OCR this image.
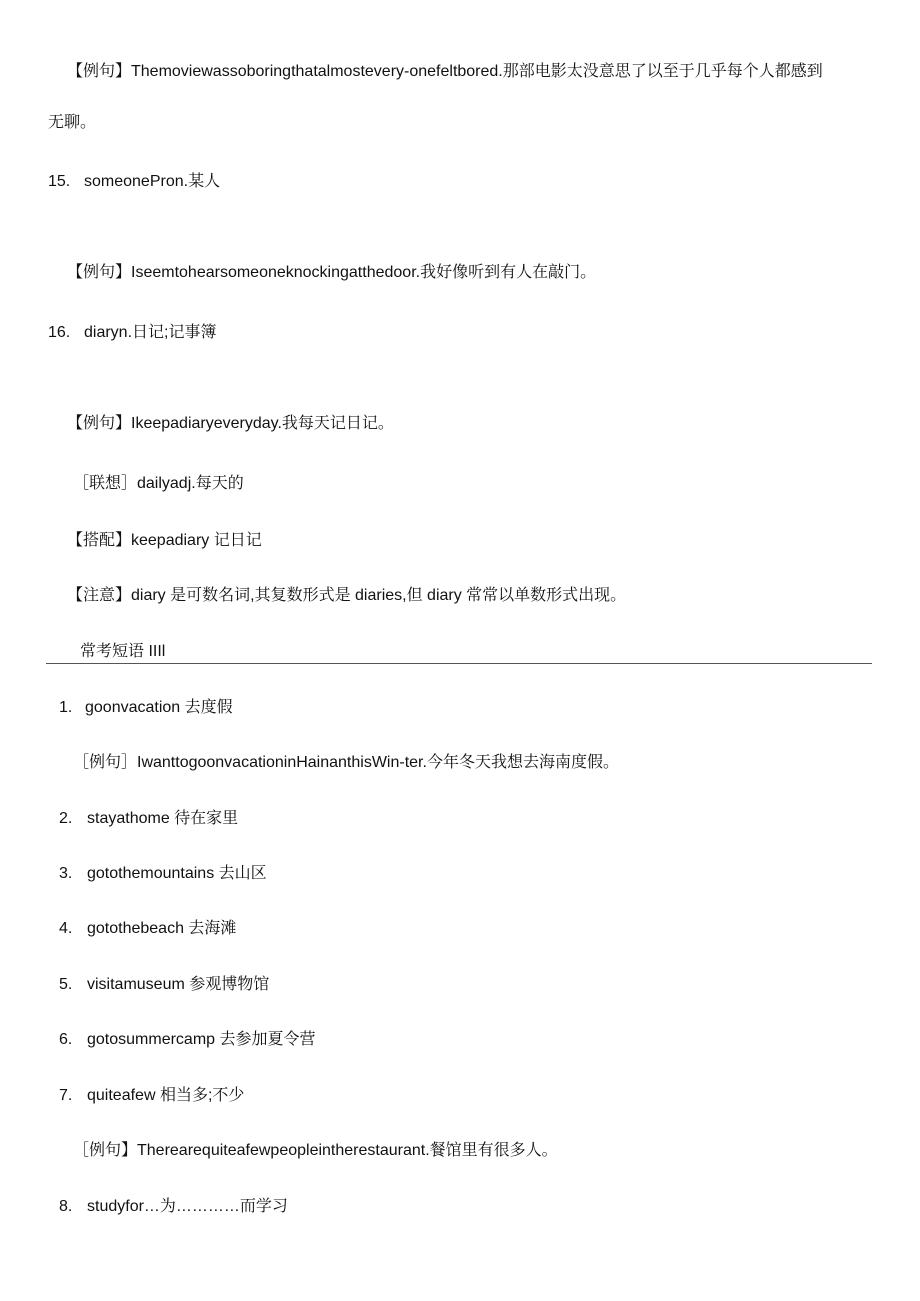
【例句】Themoviewassoboringthatalmostevery-onefeltbored.那部电影太没意思了以至于几乎每个人都感到
无聊。
15. someonePron.某人
【例句】Iseemtohearsomeoneknockingatthedoor.我好像听到有人在敲门。
16. diaryn.日记;记事簿
【例句】Ikeepadiaryeveryday.我每天记日记。
［联想］dailyadj.每天的
【搭配】keepadiary 记日记
【注意】diary 是可数名词,其复数形式是 diaries,但 diary 常常以单数形式出现。
常考短语 IIIl
1. goonvacation 去度假
［例句］IwanttogoonvacationinHainanthisWin-ter.今年冬天我想去海南度假。
2. stayathome 待在家里
3. gotothemountains 去山区
4. gotothebeach 去海滩
5. visitamuseum 参观博物馆
6. gotosummercamp 去参加夏令营
7. quiteafew 相当多;不少
［例句】Therearequiteafewpeopleintherestaurant.餐馆里有很多人。
8. studyfor…为…………而学习
